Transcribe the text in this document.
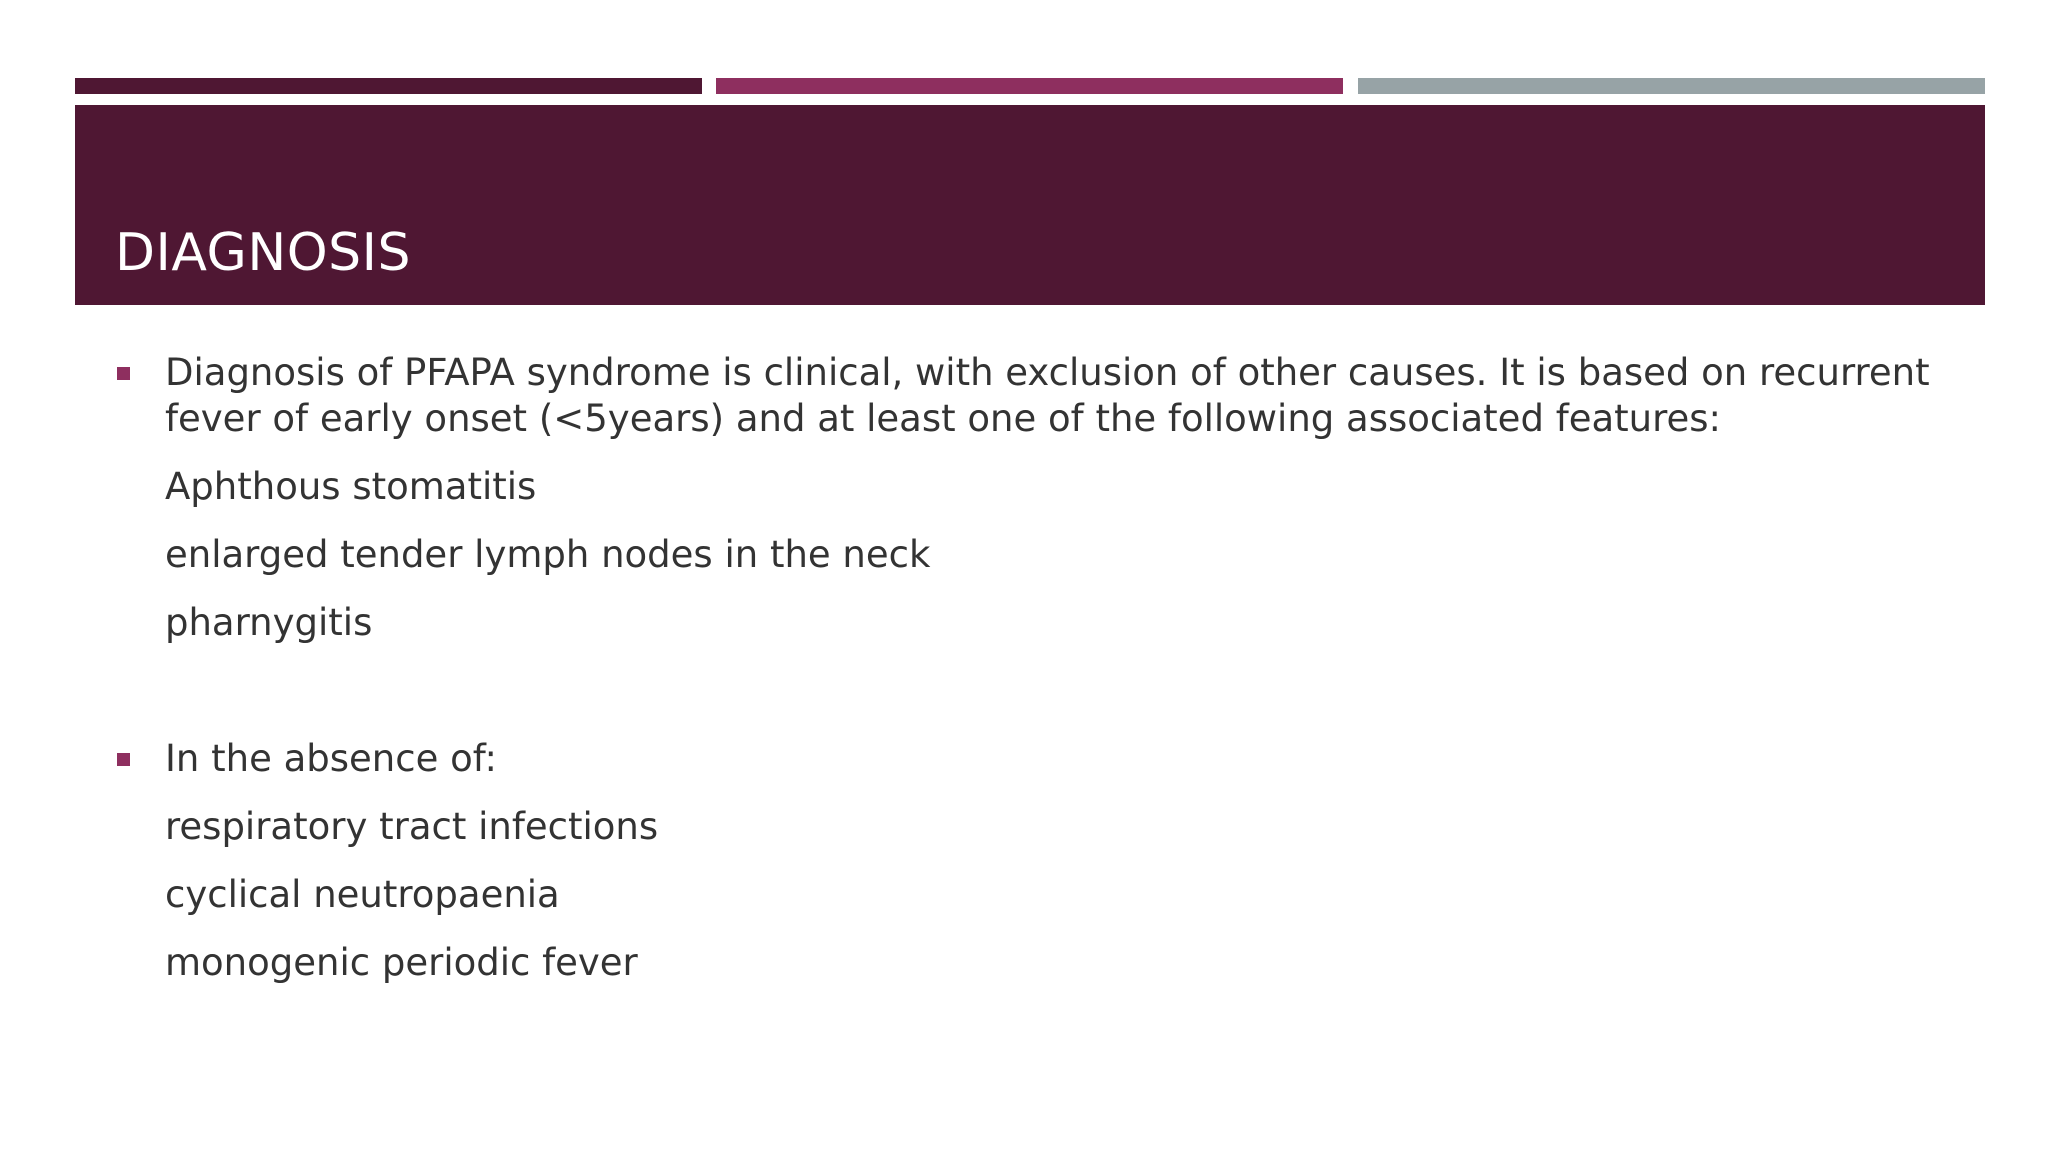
DIAGNOSIS

Diagnosis of PFAPA syndrome is clinical, with exclusion of other causes. It is based on recurrent fever of early onset (<5years) and at least one of the following associated features:

Aphthous stomatitis
enlarged tender lymph nodes in the neck
pharnygitis

In the absence of:

respiratory tract infections
cyclical neutropaenia
monogenic periodic fever
